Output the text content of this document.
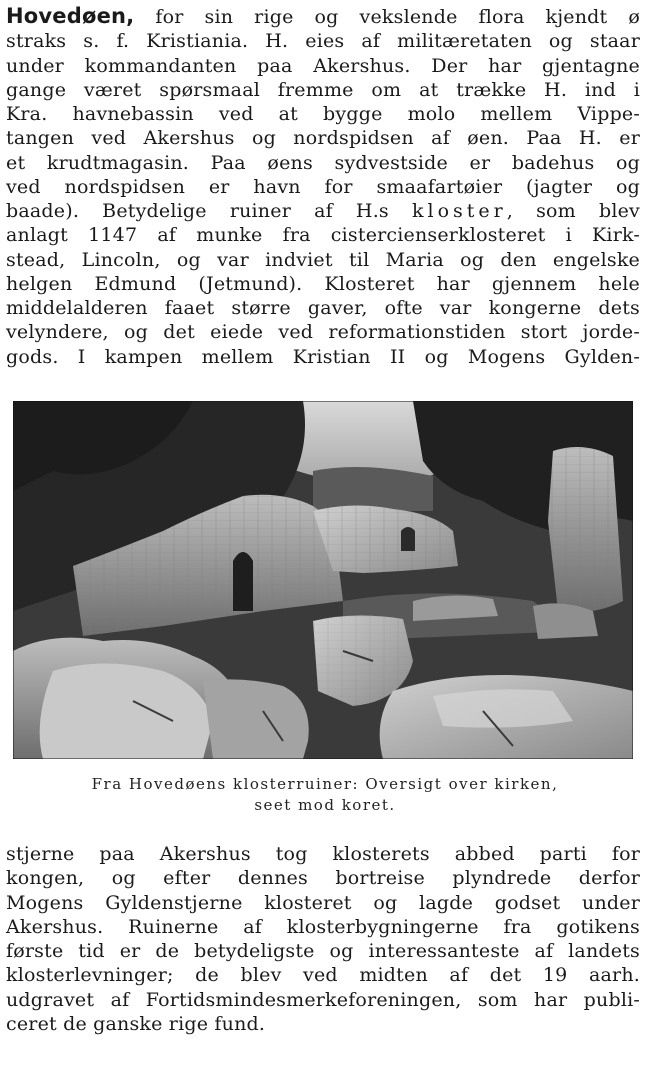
Hovedøen, for sin rige og vekslende flora kjendt ø
straks s. f. Kristiania. H. eies af militæretaten og staar
under kommandanten paa Akershus. Der har gjentagne
gange været spørsmaal fremme om at trække H. ind i
Kra. havnebassin ved at bygge molo mellem Vippe-
tangen ved Akershus og nordspidsen af øen. Paa H. er
et krudtmagasin. Paa øens sydvestside er badehus og
ved nordspidsen er havn for smaafartøier (jagter og
baade). Betydelige ruiner af H.s kloster, som blev
anlagt 1147 af munke fra cistercienserklosteret i Kirk-
stead, Lincoln, og var indviet til Maria og den engelske
helgen Edmund (Jetmund). Klosteret har gjennem hele
middelalderen faaet større gaver, ofte var kongerne dets
velyndere, og det eiede ved reformationstiden stort jorde-
gods. I kampen mellem Kristian II og Mogens Gylden-
Fra Hovedøens klosterruiner: Oversigt over kirken,
seet mod koret.
stjerne paa Akershus tog klosterets abbed parti for
kongen, og efter dennes bortreise plyndrede derfor
Mogens Gyldenstjerne klosteret og lagde godset under
Akershus. Ruinerne af klosterbygningerne fra gotikens
første tid er de betydeligste og interessanteste af landets
klosterlevninger; de blev ved midten af det 19 aarh.
udgravet af Fortidsmindesmerkeforeningen, som har publi-
ceret de ganske rige fund.
